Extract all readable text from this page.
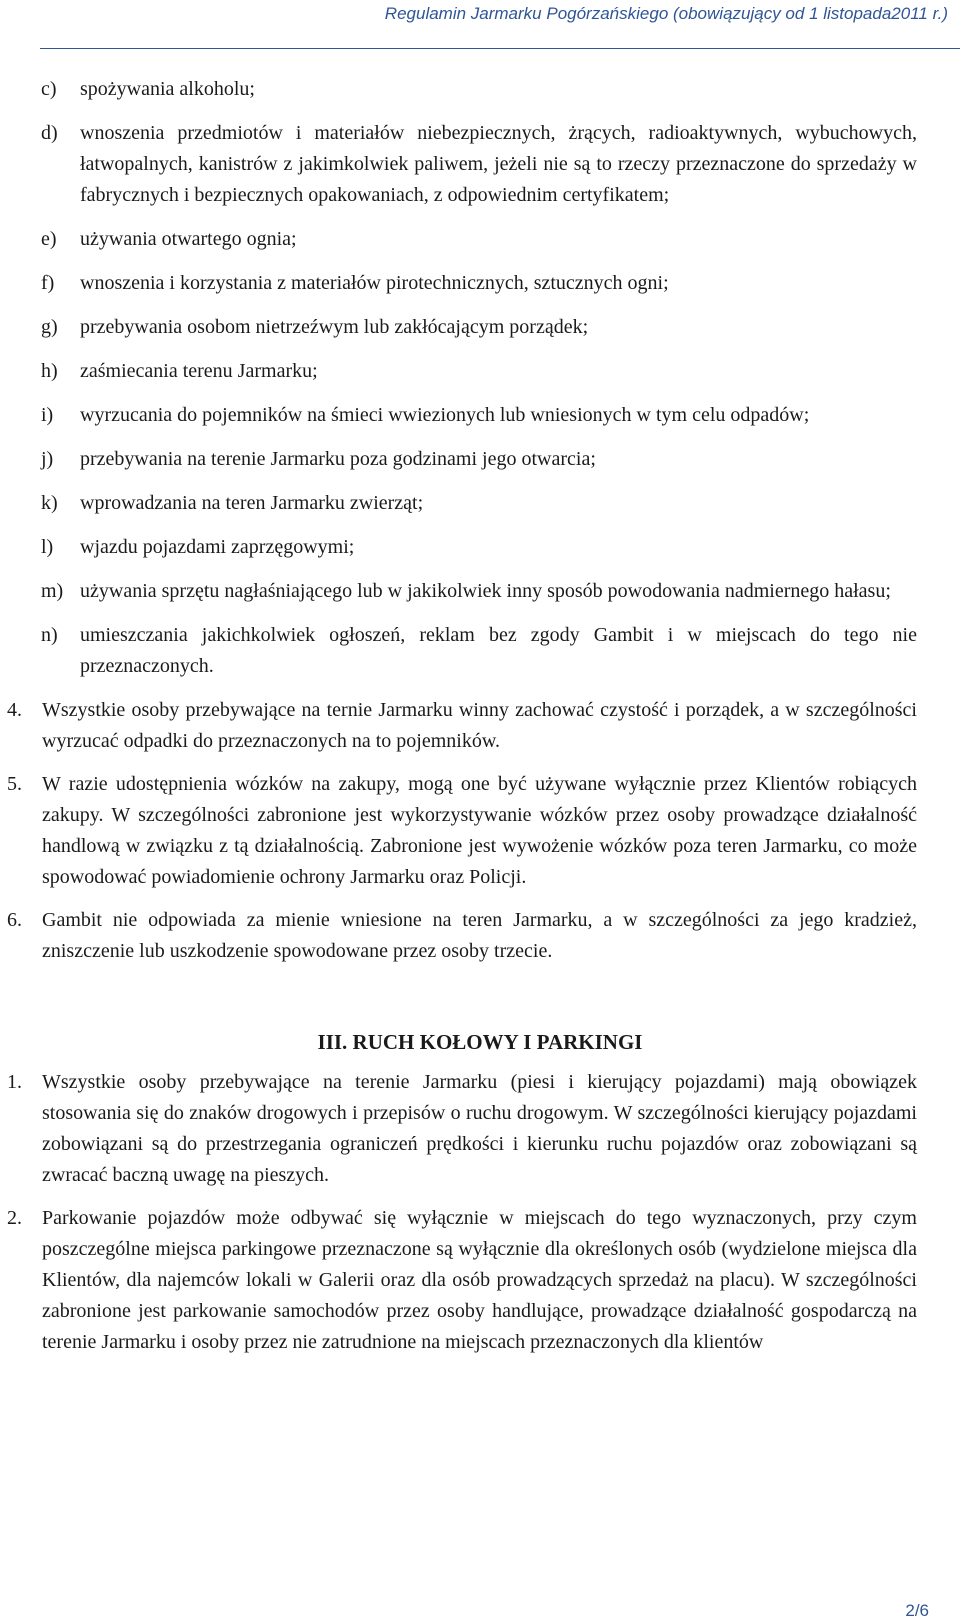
Regulamin Jarmarku Pogórzańskiego (obowiązujący od 1 listopada2011 r.)
c) spożywania alkoholu;
d) wnoszenia przedmiotów i materiałów niebezpiecznych, żrących, radioaktywnych, wybuchowych, łatwopalnych, kanistrów z jakimkolwiek paliwem, jeżeli nie są to rzeczy przeznaczone do sprzedaży w fabrycznych i bezpiecznych opakowaniach, z odpowiednim certyfikatem;
e) używania otwartego ognia;
f) wnoszenia i korzystania z materiałów pirotechnicznych, sztucznych ogni;
g) przebywania osobom nietrzeźwym lub zakłócającym porządek;
h) zaśmiecania terenu Jarmarku;
i) wyrzucania do pojemników na śmieci wwiezionych lub wniesionych w tym celu odpadów;
j) przebywania na terenie Jarmarku poza godzinami jego otwarcia;
k) wprowadzania na teren Jarmarku zwierząt;
l) wjazdu pojazdami zaprzęgowymi;
m) używania sprzętu nagłaśniającego lub w jakikolwiek inny sposób powodowania nadmiernego hałasu;
n) umieszczania jakichkolwiek ogłoszeń, reklam bez zgody Gambit i w miejscach do tego nie przeznaczonych.
4. Wszystkie osoby przebywające na ternie Jarmarku winny zachować czystość i porządek, a w szczególności wyrzucać odpadki do przeznaczonych na to pojemników.
5. W razie udostępnienia wózków na zakupy, mogą one być używane wyłącznie przez Klientów robiących zakupy. W szczególności zabronione jest wykorzystywanie wózków przez osoby prowadzące działalność handlową w związku z tą działalnością. Zabronione jest wywożenie wózków poza teren Jarmarku, co może spowodować powiadomienie ochrony Jarmarku oraz Policji.
6. Gambit nie odpowiada za mienie wniesione na teren Jarmarku, a w szczególności za jego kradzież, zniszczenie lub uszkodzenie spowodowane przez osoby trzecie.
III. RUCH KOŁOWY I PARKINGI
1. Wszystkie osoby przebywające na terenie Jarmarku (piesi i kierujący pojazdami) mają obowiązek stosowania się do znaków drogowych i przepisów o ruchu drogowym. W szczególności kierujący pojazdami zobowiązani są do przestrzegania ograniczeń prędkości i kierunku ruchu pojazdów oraz zobowiązani są zwracać baczną uwagę na pieszych.
2. Parkowanie pojazdów może odbywać się wyłącznie w miejscach do tego wyznaczonych, przy czym poszczególne miejsca parkingowe przeznaczone są wyłącznie dla określonych osób (wydzielone miejsca dla Klientów, dla najemców lokali w Galerii oraz dla osób prowadzących sprzedaż na placu). W szczególności zabronione jest parkowanie samochodów przez osoby handlujące, prowadzące działalność gospodarczą na terenie Jarmarku i osoby przez nie zatrudnione na miejscach przeznaczonych dla klientów
2/6
